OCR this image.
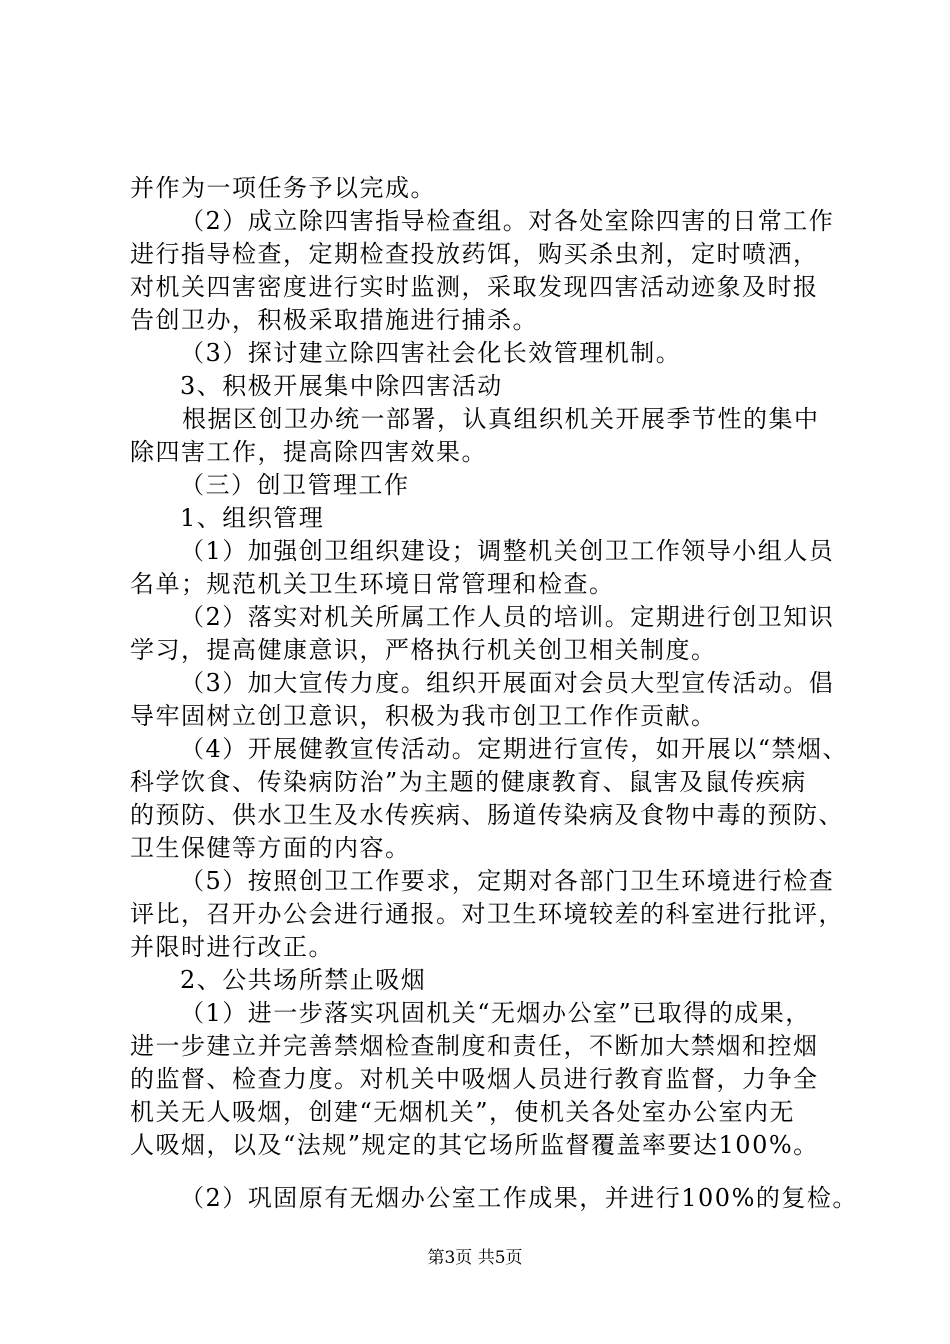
并作为一项任务予以完成。
（2）成立除四害指导检查组。对各处室除四害的日常工作
进行指导检查，定期检查投放药饵，购买杀虫剂，定时喷洒，
对机关四害密度进行实时监测，采取发现四害活动迹象及时报
告创卫办，积极采取措施进行捕杀。
（3）探讨建立除四害社会化长效管理机制。
3、积极开展集中除四害活动
根据区创卫办统一部署，认真组织机关开展季节性的集中
除四害工作，提高除四害效果。
（三）创卫管理工作
1、组织管理
（1）加强创卫组织建设；调整机关创卫工作领导小组人员
名单；规范机关卫生环境日常管理和检查。
（2）落实对机关所属工作人员的培训。定期进行创卫知识
学习，提高健康意识，严格执行机关创卫相关制度。
（3）加大宣传力度。组织开展面对会员大型宣传活动。倡
导牢固树立创卫意识，积极为我市创卫工作作贡献。
（4）开展健教宣传活动。定期进行宣传，如开展以“禁烟、
科学饮食、传染病防治”为主题的健康教育、鼠害及鼠传疾病
的预防、供水卫生及水传疾病、肠道传染病及食物中毒的预防、
卫生保健等方面的内容。
（5）按照创卫工作要求，定期对各部门卫生环境进行检查
评比，召开办公会进行通报。对卫生环境较差的科室进行批评，
并限时进行改正。
2、公共场所禁止吸烟
（1）进一步落实巩固机关“无烟办公室”已取得的成果，
进一步建立并完善禁烟检查制度和责任，不断加大禁烟和控烟
的监督、检查力度。对机关中吸烟人员进行教育监督，力争全
机关无人吸烟，创建“无烟机关”，使机关各处室办公室内无
人吸烟，以及“法规”规定的其它场所监督覆盖率要达100%。
（2）巩固原有无烟办公室工作成果，并进行100%的复检。
第3页 共5页
